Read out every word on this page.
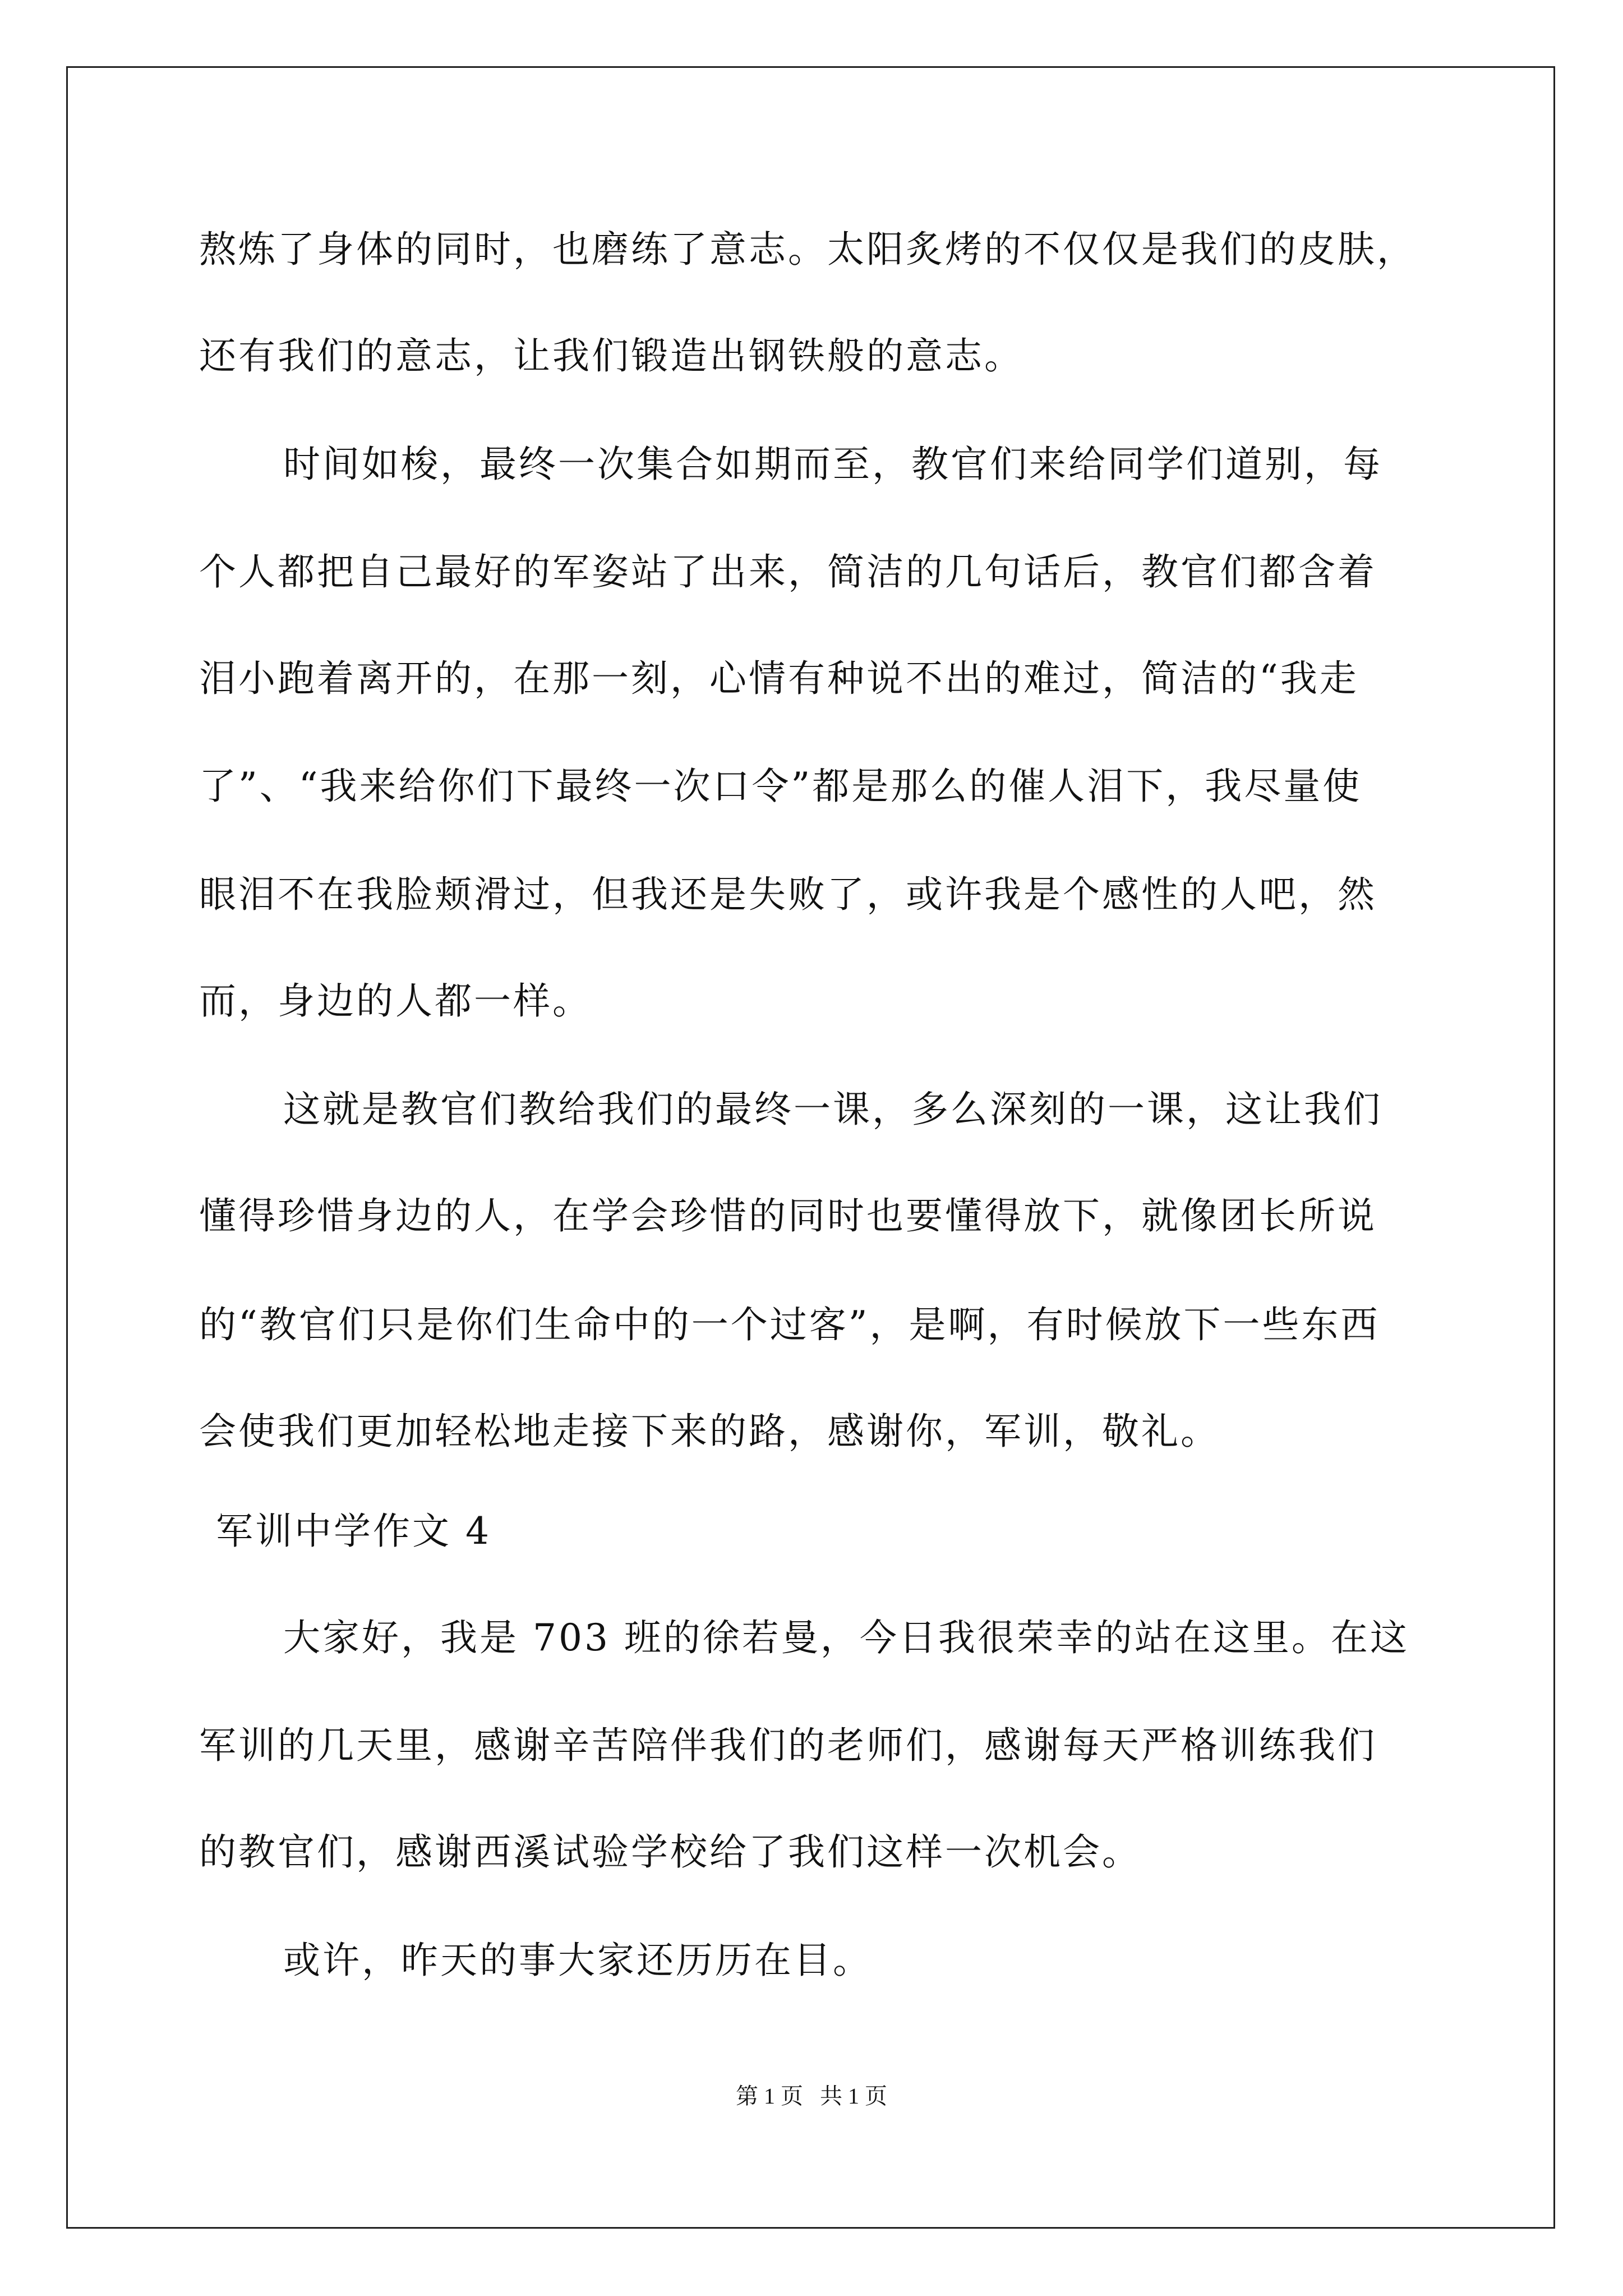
熬炼了身体的同时，也磨练了意志。太阳炙烤的不仅仅是我们的皮肤，
还有我们的意志，让我们锻造出钢铁般的意志。
时间如梭，最终一次集合如期而至，教官们来给同学们道别，每
个人都把自己最好的军姿站了出来，简洁的几句话后，教官们都含着
泪小跑着离开的，在那一刻，心情有种说不出的难过，简洁的“我走
了”、“我来给你们下最终一次口令”都是那么的催人泪下，我尽量使
眼泪不在我脸颊滑过，但我还是失败了，或许我是个感性的人吧，然
而，身边的人都一样。
这就是教官们教给我们的最终一课，多么深刻的一课，这让我们
懂得珍惜身边的人，在学会珍惜的同时也要懂得放下，就像团长所说
的“教官们只是你们生命中的一个过客”，是啊，有时候放下一些东西
会使我们更加轻松地走接下来的路，感谢你，军训，敬礼。
军训中学作文 4
大家好，我是 703 班的徐若曼，今日我很荣幸的站在这里。在这
军训的几天里，感谢辛苦陪伴我们的老师们，感谢每天严格训练我们
的教官们，感谢西溪试验学校给了我们这样一次机会。
或许，昨天的事大家还历历在目。
第 1 页   共 1 页
